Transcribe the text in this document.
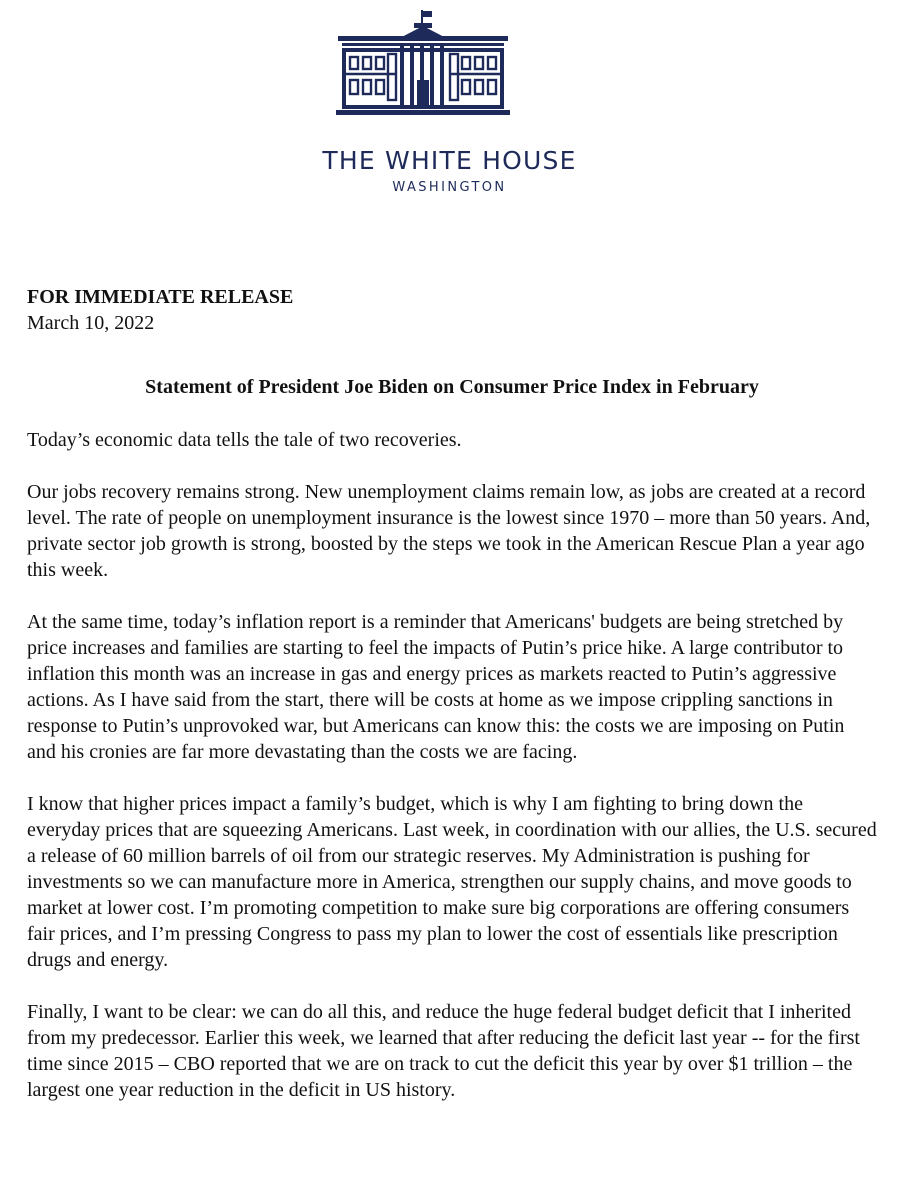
THE WHITE HOUSE
WASHINGTON

FOR IMMEDIATE RELEASE

March 10, 2022

Statement of President Joe Biden on Consumer Price Index in February

Today’s economic data tells the tale of two recoveries.

Our jobs recovery remains strong. New unemployment claims remain low, as jobs are created at a record level. The rate of people on unemployment insurance is the lowest since 1970 – more than 50 years. And, private sector job growth is strong, boosted by the steps we took in the American Rescue Plan a year ago this week.

At the same time, today’s inflation report is a reminder that Americans' budgets are being stretched by price increases and families are starting to feel the impacts of Putin’s price hike. A large contributor to inflation this month was an increase in gas and energy prices as markets reacted to Putin’s aggressive actions. As I have said from the start, there will be costs at home as we impose crippling sanctions in response to Putin’s unprovoked war, but Americans can know this: the costs we are imposing on Putin and his cronies are far more devastating than the costs we are facing.

I know that higher prices impact a family’s budget, which is why I am fighting to bring down the everyday prices that are squeezing Americans. Last week, in coordination with our allies, the U.S. secured a release of 60 million barrels of oil from our strategic reserves. My Administration is pushing for investments so we can manufacture more in America, strengthen our supply chains, and move goods to market at lower cost. I’m promoting competition to make sure big corporations are offering consumers fair prices, and I’m pressing Congress to pass my plan to lower the cost of essentials like prescription drugs and energy.

Finally, I want to be clear: we can do all this, and reduce the huge federal budget deficit that I inherited from my predecessor. Earlier this week, we learned that after reducing the deficit last year -- for the first time since 2015 – CBO reported that we are on track to cut the deficit this year by over $1 trillion – the largest one year reduction in the deficit in US history.
